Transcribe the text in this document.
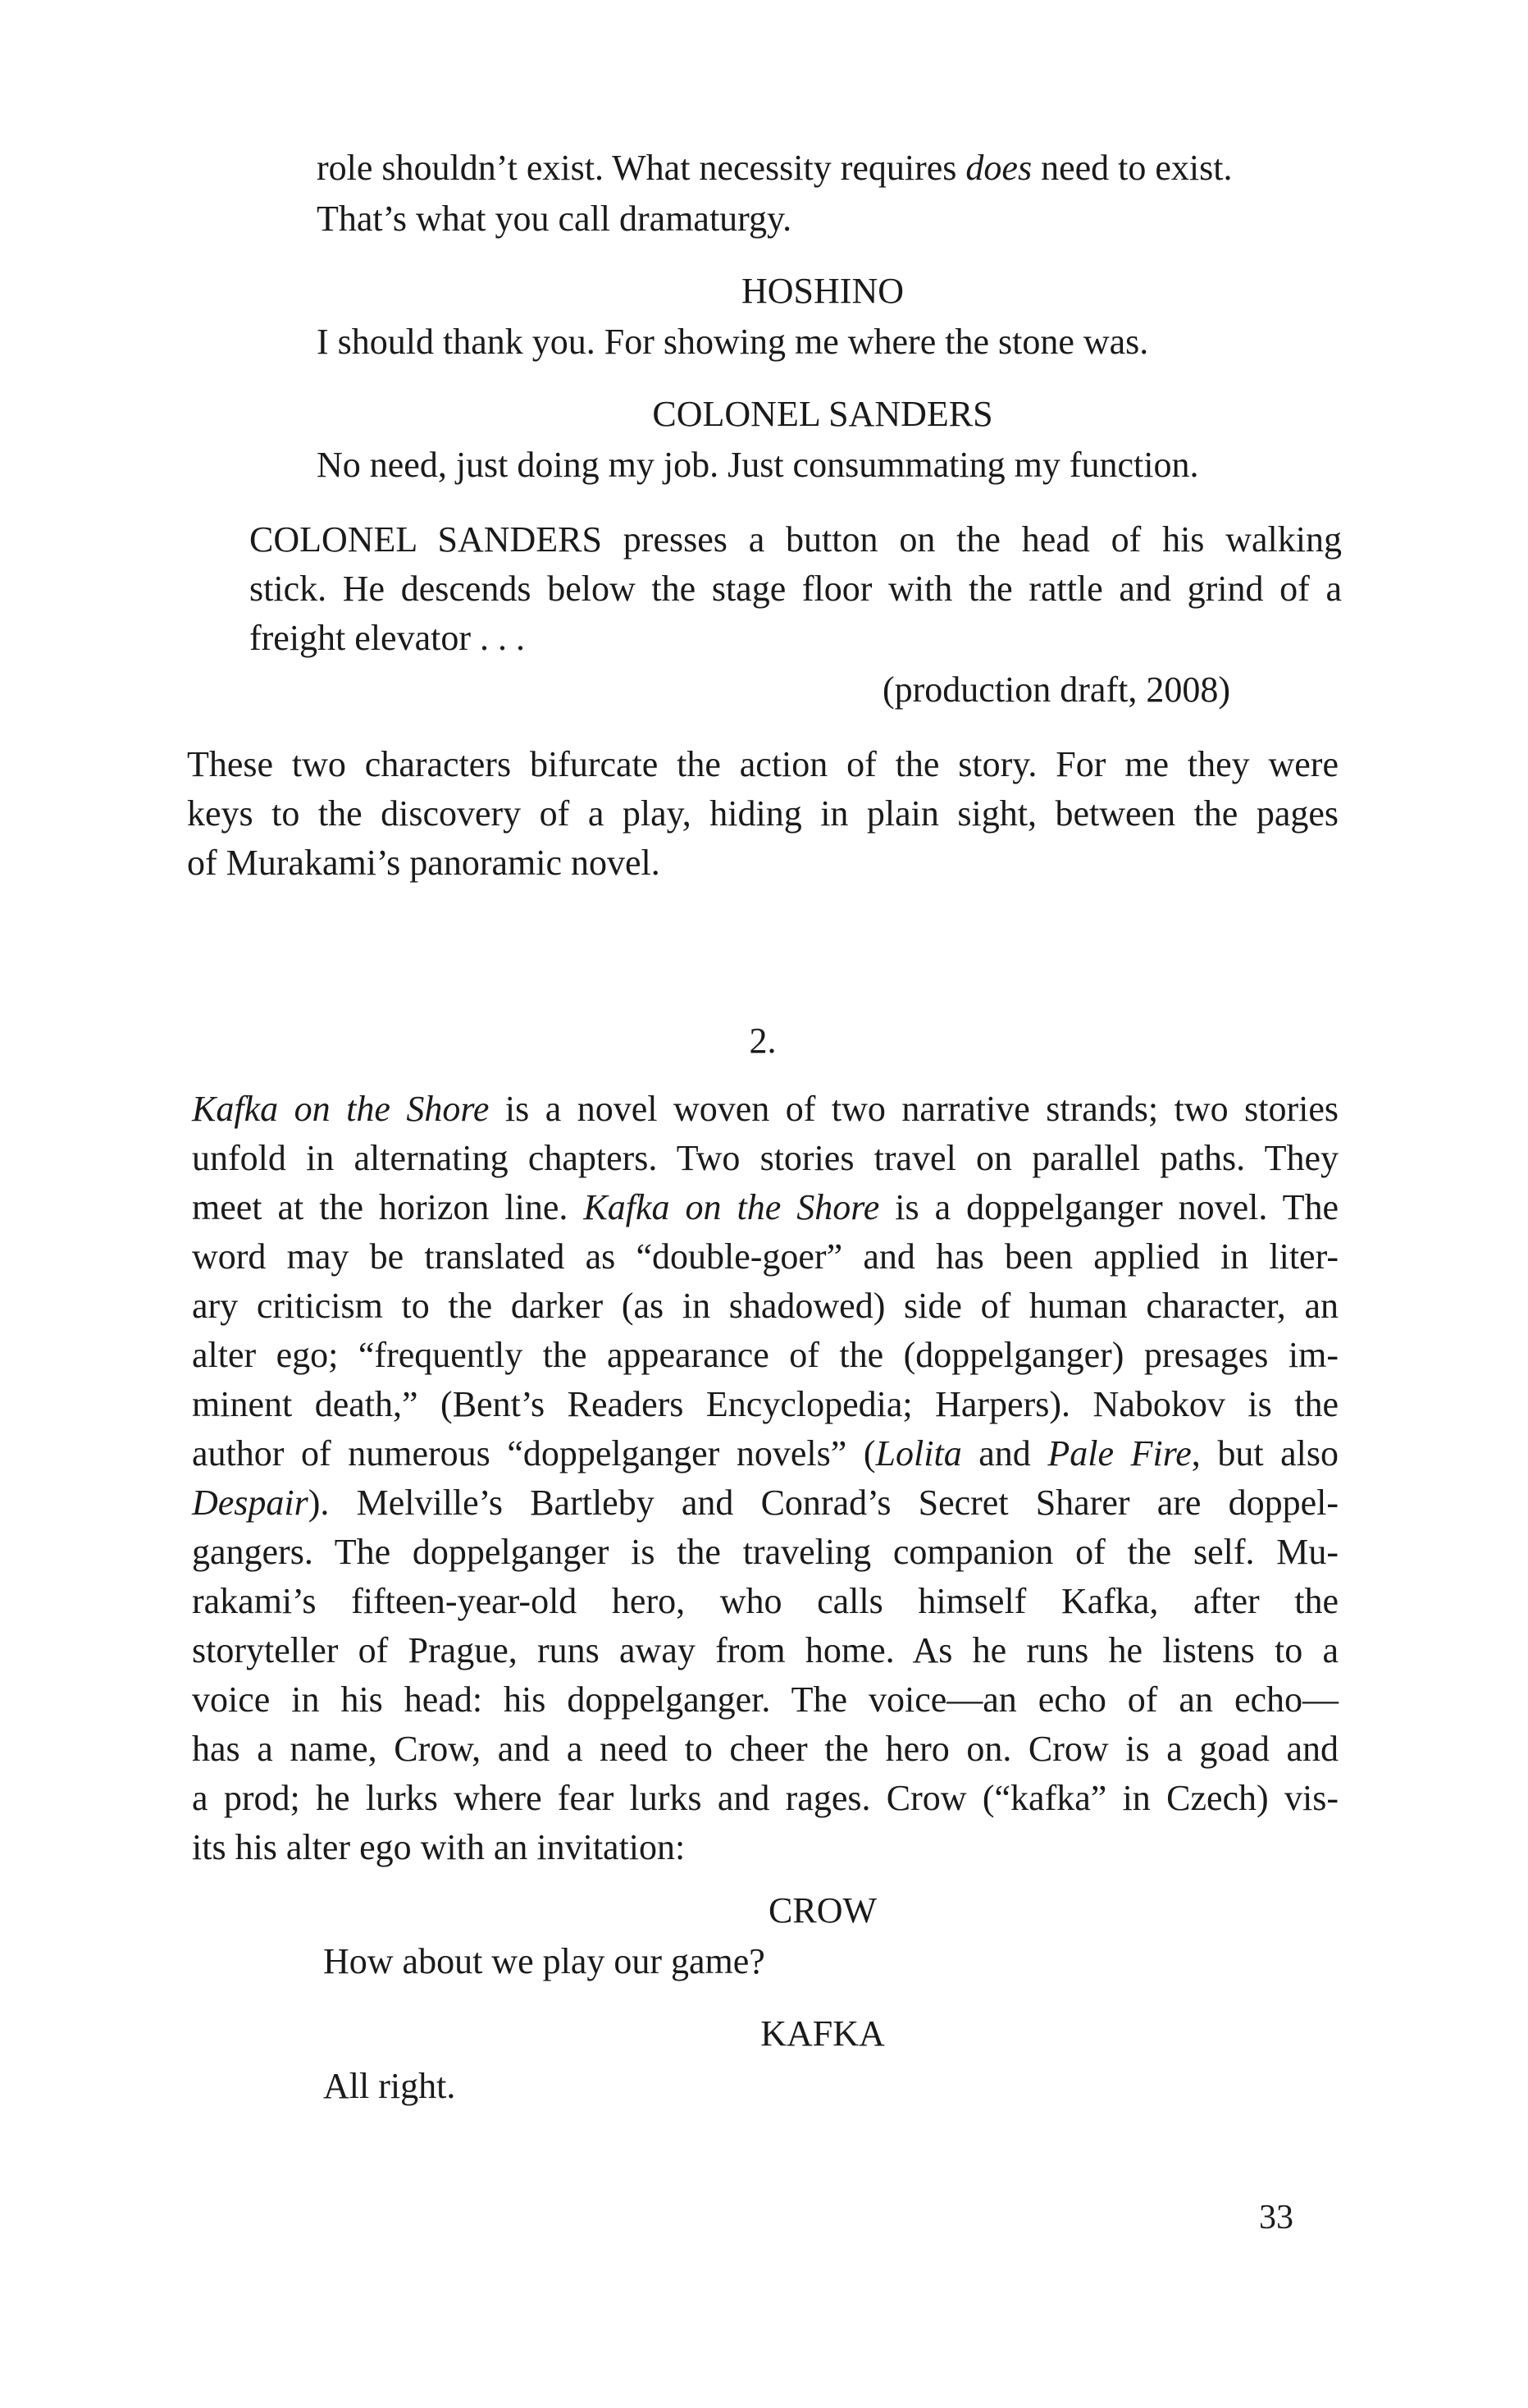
role shouldn’t exist. What necessity requires does need to exist.

That’s what you call dramaturgy.

HOSHINO

I should thank you. For showing me where the stone was.

COLONEL SANDERS

No need, just doing my job. Just consummating my function.

COLONEL SANDERS presses a button on the head of his walking
stick. He descends below the stage floor with the rattle and grind of a
freight elevator . . .

(production draft, 2008)

These two characters bifurcate the action of the story. For me they were
keys to the discovery of a play, hiding in plain sight, between the pages
of Murakami’s panoramic novel.

2.

Kafka on the Shore is a novel woven of two narrative strands; two stories
unfold in alternating chapters. Two stories travel on parallel paths. They
meet at the horizon line. Kafka on the Shore is a doppelganger novel. The
word may be translated as “double-goer” and has been applied in liter-
ary criticism to the darker (as in shadowed) side of human character, an
alter ego; “frequently the appearance of the (doppelganger) presages im-
minent death,” (Bent’s Readers Encyclopedia; Harpers). Nabokov is the
author of numerous “doppelganger novels” (Lolita and Pale Fire, but also
Despair). Melville’s Bartleby and Conrad’s Secret Sharer are doppel-
gangers. The doppelganger is the traveling companion of the self. Mu-
rakami’s fifteen-year-old hero, who calls himself Kafka, after the
storyteller of Prague, runs away from home. As he runs he listens to a
voice in his head: his doppelganger. The voice—an echo of an echo—
has a name, Crow, and a need to cheer the hero on. Crow is a goad and
a prod; he lurks where fear lurks and rages. Crow (“kafka” in Czech) vis-
its his alter ego with an invitation:

CROW

How about we play our game?

KAFKA

All right.

33
